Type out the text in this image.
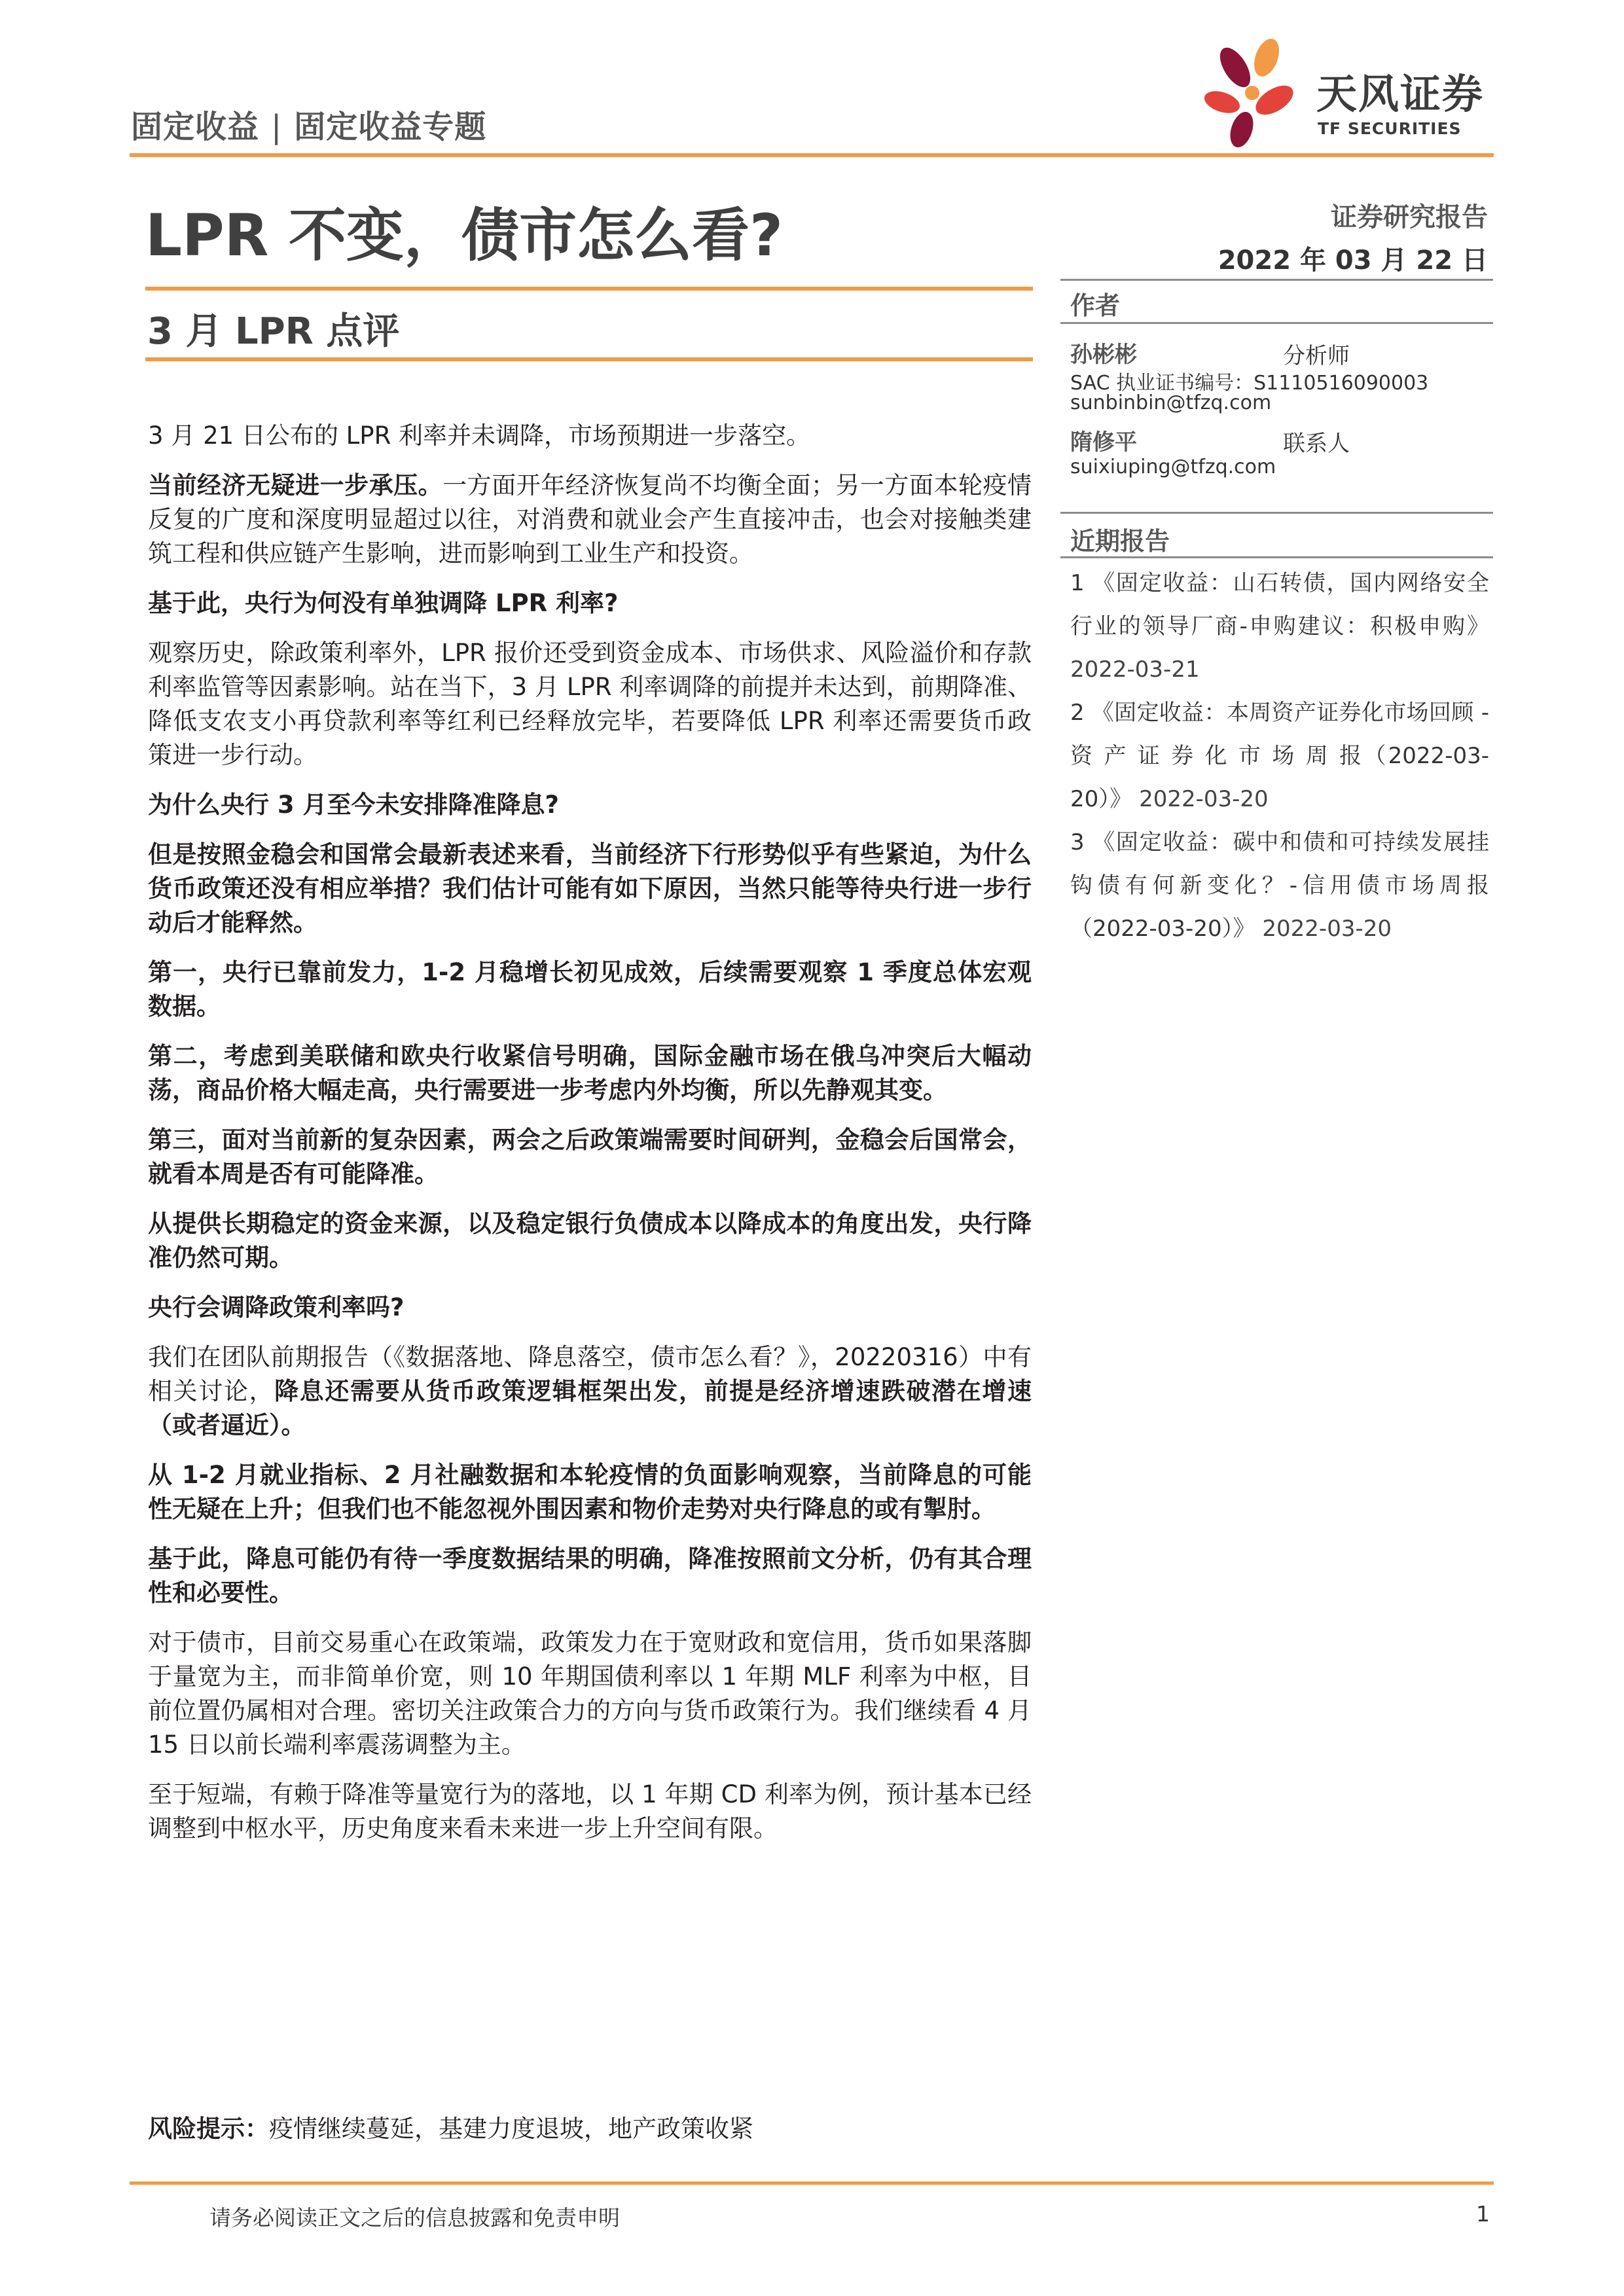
固定收益 | 固定收益专题
天风证券
TF SECURITIES
LPR 不变，债市怎么看?
3 月 LPR 点评
证券研究报告
2022 年 03 月 22 日
作者
孙彬彬	分析师
SAC 执业证书编号：S1110516090003
sunbinbin@tfzq.com
隋修平	联系人
suixiuping@tfzq.com
近期报告

1 《固定收益：山石转债，国内网络安全行业的领导厂商-申购建议：积极申购》 2022-03-21

2 《固定收益：本周资产证券化市场回顾 - 资 产 证 券 化 市 场 周 报（2022-03-20）》 2022-03-20

3 《固定收益：碳中和债和可持续发展挂钩债有何新变化？-信用债市场周报（2022-03-20）》 2022-03-20

3 月 21 日公布的 LPR 利率并未调降，市场预期进一步落空。

当前经济无疑进一步承压。一方面开年经济恢复尚不均衡全面；另一方面本轮疫情反复的广度和深度明显超过以往，对消费和就业会产生直接冲击，也会对接触类建筑工程和供应链产生影响，进而影响到工业生产和投资。

基于此，央行为何没有单独调降 LPR 利率?

观察历史，除政策利率外，LPR 报价还受到资金成本、市场供求、风险溢价和存款利率监管等因素影响。站在当下，3 月 LPR 利率调降的前提并未达到，前期降准、降低支农支小再贷款利率等红利已经释放完毕，若要降低 LPR 利率还需要货币政策进一步行动。

为什么央行 3 月至今未安排降准降息?

但是按照金稳会和国常会最新表述来看，当前经济下行形势似乎有些紧迫，为什么货币政策还没有相应举措？我们估计可能有如下原因，当然只能等待央行进一步行动后才能释然。

第一，央行已靠前发力，1-2 月稳增长初见成效，后续需要观察 1 季度总体宏观数据。

第二，考虑到美联储和欧央行收紧信号明确，国际金融市场在俄乌冲突后大幅动荡，商品价格大幅走高，央行需要进一步考虑内外均衡，所以先静观其变。

第三，面对当前新的复杂因素，两会之后政策端需要时间研判，金稳会后国常会，就看本周是否有可能降准。

从提供长期稳定的资金来源，以及稳定银行负债成本以降成本的角度出发，央行降准仍然可期。

央行会调降政策利率吗?

我们在团队前期报告（《数据落地、降息落空，债市怎么看？》，20220316）中有相关讨论，降息还需要从货币政策逻辑框架出发，前提是经济增速跌破潜在增速（或者逼近）。

从 1-2 月就业指标、2 月社融数据和本轮疫情的负面影响观察，当前降息的可能性无疑在上升；但我们也不能忽视外围因素和物价走势对央行降息的或有掣肘。

基于此，降息可能仍有待一季度数据结果的明确，降准按照前文分析，仍有其合理性和必要性。

对于债市，目前交易重心在政策端，政策发力在于宽财政和宽信用，货币如果落脚于量宽为主，而非简单价宽，则 10 年期国债利率以 1 年期 MLF 利率为中枢，目前位置仍属相对合理。密切关注政策合力的方向与货币政策行为。我们继续看 4 月 15 日以前长端利率震荡调整为主。

至于短端，有赖于降准等量宽行为的落地，以 1 年期 CD 利率为例，预计基本已经调整到中枢水平，历史角度来看未来进一步上升空间有限。

风险提示：疫情继续蔓延，基建力度退坡，地产政策收紧
请务必阅读正文之后的信息披露和免责申明	1
